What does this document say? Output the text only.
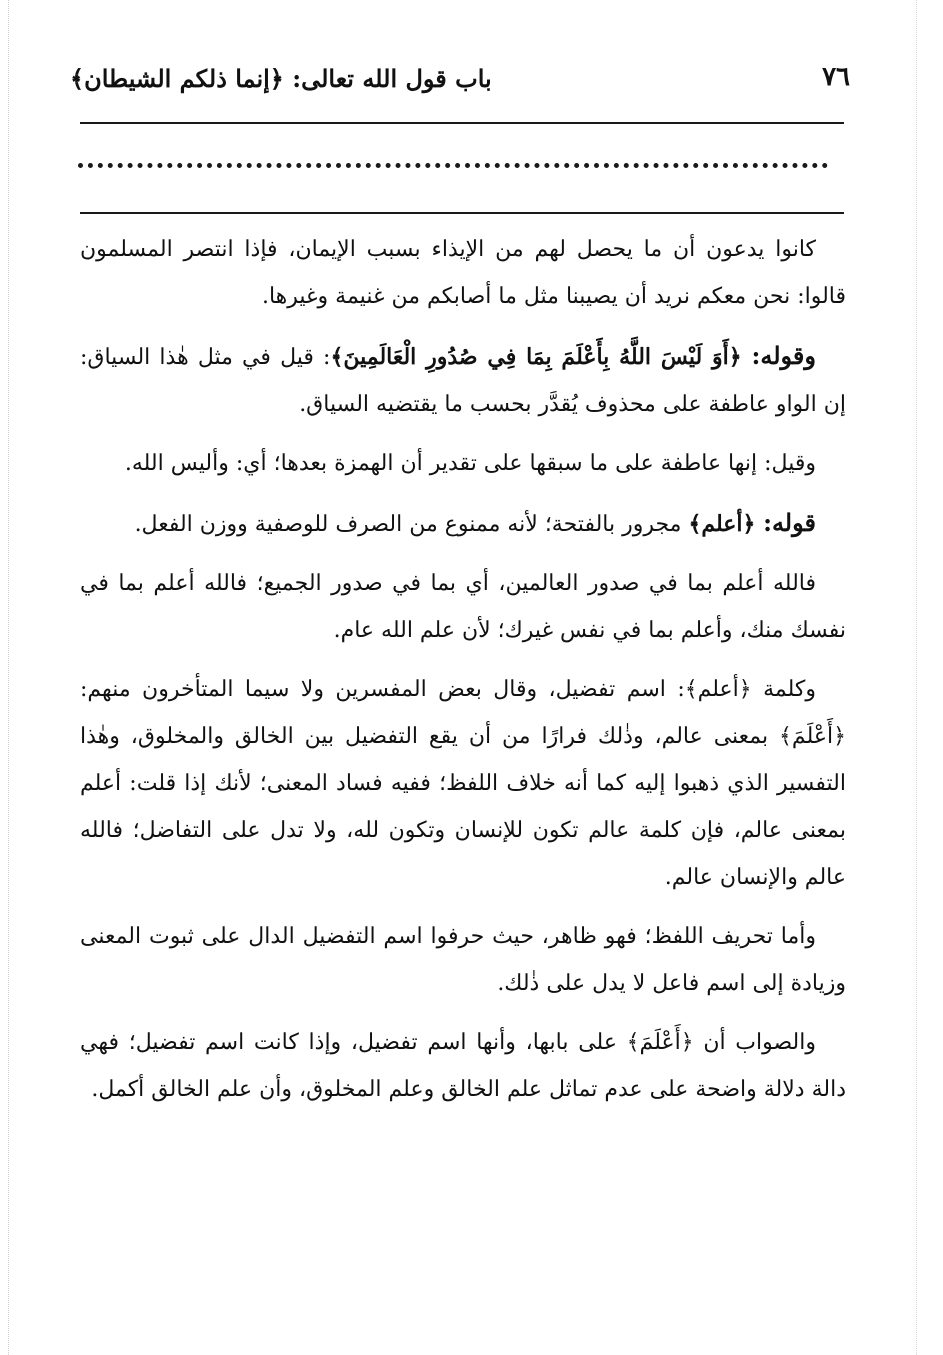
٧٦
باب قول الله تعالى: ﴿إنما ذلكم الشيطان﴾

كانوا يدعون أن ما يحصل لهم من الإيذاء بسبب الإيمان، فإذا انتصر المسلمون قالوا: نحن معكم نريد أن يصيبنا مثل ما أصابكم من غنيمة وغيرها.

وقوله: ﴿أَوَ لَيْسَ اللَّهُ بِأَعْلَمَ بِمَا فِي صُدُورِ الْعَالَمِينَ﴾: قيل في مثل هٰذا السياق: إن الواو عاطفة على محذوف يُقدَّر بحسب ما يقتضيه السياق.

وقيل: إنها عاطفة على ما سبقها على تقدير أن الهمزة بعدها؛ أي: وأليس الله.

قوله: ﴿أعلم﴾ مجرور بالفتحة؛ لأنه ممنوع من الصرف للوصفية ووزن الفعل.

فالله أعلم بما في صدور العالمين، أي بما في صدور الجميع؛ فالله أعلم بما في نفسك منك، وأعلم بما في نفس غيرك؛ لأن علم الله عام.

وكلمة ﴿أعلم﴾: اسم تفضيل، وقال بعض المفسرين ولا سيما المتأخرون منهم: ﴿أَعْلَمَ﴾ بمعنى عالم، وذٰلك فرارًا من أن يقع التفضيل بين الخالق والمخلوق، وهٰذا التفسير الذي ذهبوا إليه كما أنه خلاف اللفظ؛ ففيه فساد المعنى؛ لأنك إذا قلت: أعلم بمعنى عالم، فإن كلمة عالم تكون للإنسان وتكون لله، ولا تدل على التفاضل؛ فالله عالم والإنسان عالم.

وأما تحريف اللفظ؛ فهو ظاهر، حيث حرفوا اسم التفضيل الدال على ثبوت المعنى وزيادة إلى اسم فاعل لا يدل على ذٰلك.

والصواب أن ﴿أَعْلَمَ﴾ على بابها، وأنها اسم تفضيل، وإذا كانت اسم تفضيل؛ فهي دالة دلالة واضحة على عدم تماثل علم الخالق وعلم المخلوق، وأن علم الخالق أكمل.
